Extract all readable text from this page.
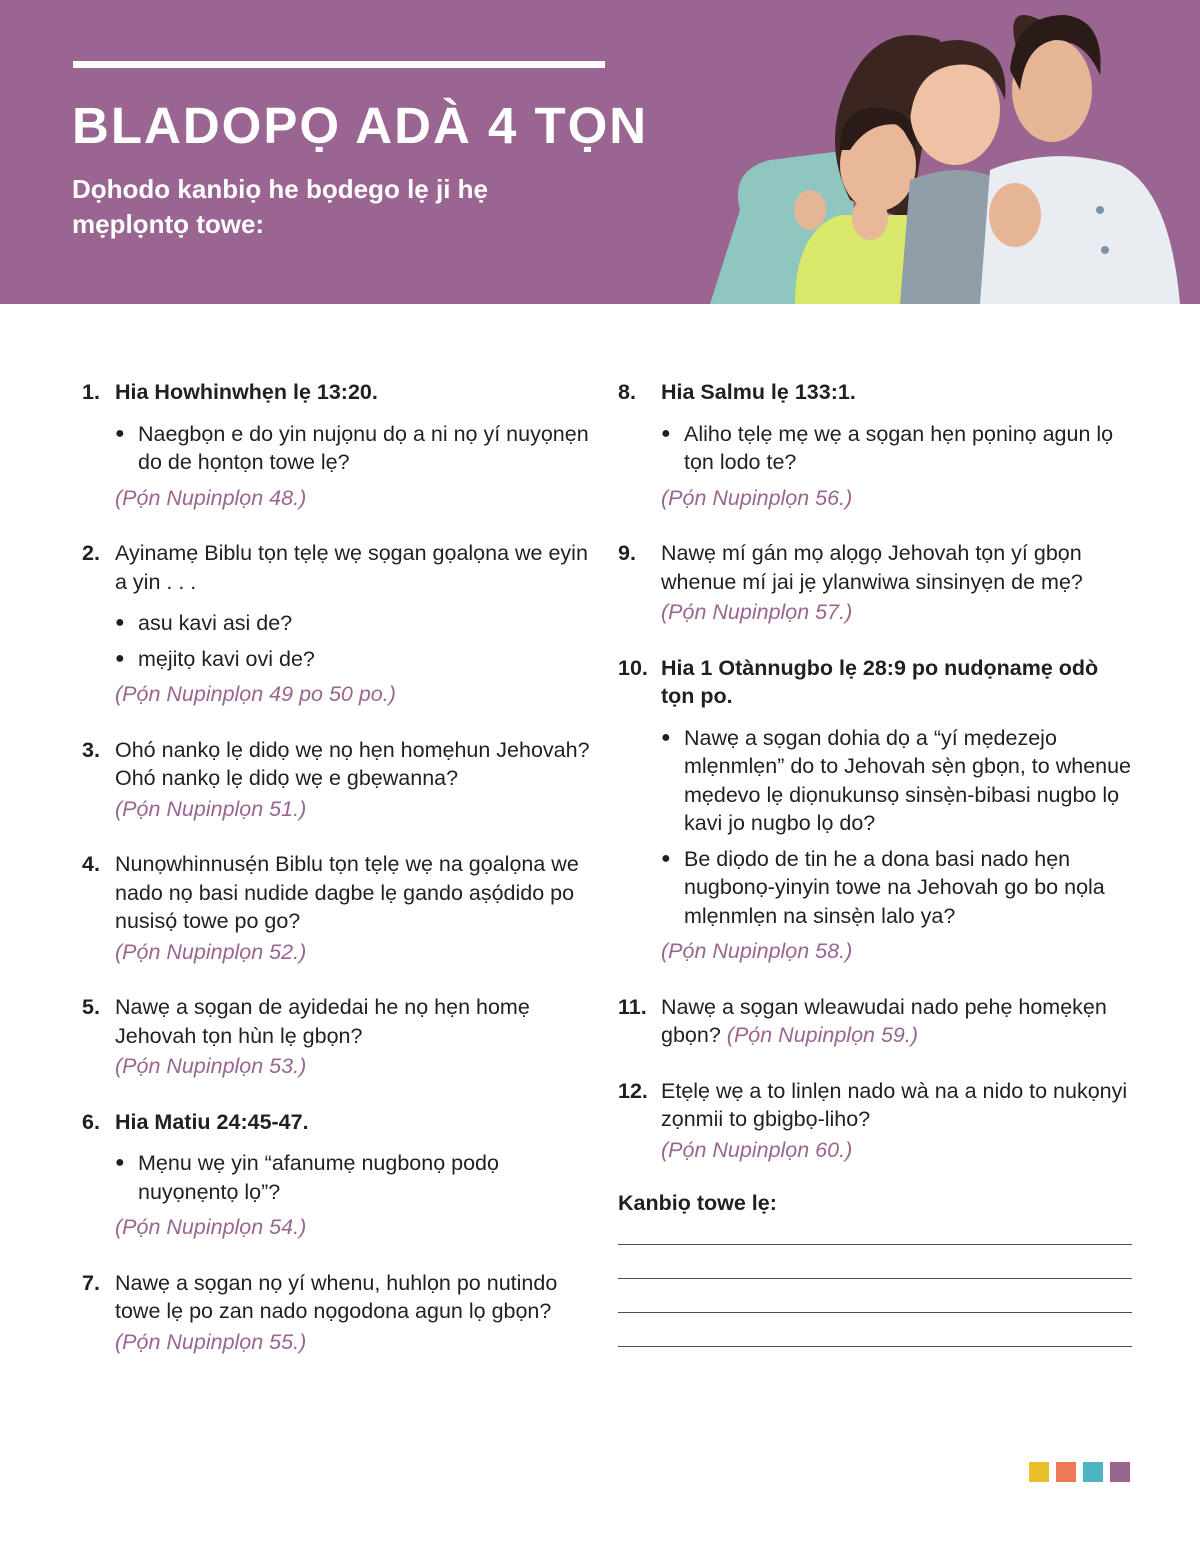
BLADOPỌ ADÀ 4 TỌN

Dọhodo kanbiọ he bọdego lẹ ji hẹ mẹplọntọ towe:

1. Hia Howhinwhẹn lẹ 13:20.
● Naegbọn e do yin nujọnu dọ a ni nọ yí nuyọnẹn do de họntọn towe lẹ?
(Pọ́n Nupinplọn 48.)
2. Ayinamẹ Biblu tọn tẹlẹ wẹ sọgan gọalọna we eyin a yin . . .
● asu kavi asi de?
● mẹjitọ kavi ovi de?
(Pọ́n Nupinplọn 49 po 50 po.)
3. Ohó nankọ lẹ didọ wẹ nọ hẹn homẹhun Jehovah? Ohó nankọ lẹ didọ wẹ e gbẹwanna?
(Pọ́n Nupinplọn 51.)
4. Nunọwhinnusẹ́n Biblu tọn tẹlẹ wẹ na gọalọna we nado nọ basi nudide dagbe lẹ gando aṣọ́dido po nusisọ́ towe po go?
(Pọ́n Nupinplọn 52.)
5. Nawẹ a sọgan de ayidedai he nọ hẹn homẹ Jehovah tọn hùn lẹ gbọn?
(Pọ́n Nupinplọn 53.)
6. Hia Matiu 24:45-47.
● Mẹnu wẹ yin “afanumẹ nugbonọ podọ nuyọnẹntọ lọ”?
(Pọ́n Nupinplọn 54.)
7. Nawẹ a sọgan nọ yí whenu, huhlọn po nutindo towe lẹ po zan nado nọgodona agun lọ gbọn?
(Pọ́n Nupinplọn 55.)
8. Hia Salmu lẹ 133:1.
● Aliho tẹlẹ mẹ wẹ a sọgan hẹn pọninọ agun lọ tọn lodo te?
(Pọ́n Nupinplọn 56.)
9. Nawẹ mí gán mọ alọgọ Jehovah tọn yí gbọn whenue mí jai jẹ ylanwiwa sinsinyẹn de mẹ?
(Pọ́n Nupinplọn 57.)
10. Hia 1 Otànnugbo lẹ 28:9 po nudọnamẹ odò tọn po.
● Nawẹ a sọgan dohia dọ a “yí mẹdezejo mlẹnmlẹn” do to Jehovah sẹ̀n gbọn, to whenue mẹdevo lẹ diọnukunsọ sinsẹ̀n-bibasi nugbo lọ kavi jo nugbo lọ do?
● Be diọdo de tin he a dona basi nado hẹn nugbonọ-yinyin towe na Jehovah go bo nọla mlẹnmlẹn na sinsẹ̀n lalo ya?
(Pọ́n Nupinplọn 58.)
11. Nawẹ a sọgan wleawudai nado pehẹ homẹkẹn gbọn? (Pọ́n Nupinplọn 59.)
12. Etẹlẹ wẹ a to linlẹn nado wà na a nido to nukọnyi zọnmii to gbigbọ-liho?
(Pọ́n Nupinplọn 60.)

Kanbiọ towe lẹ:
